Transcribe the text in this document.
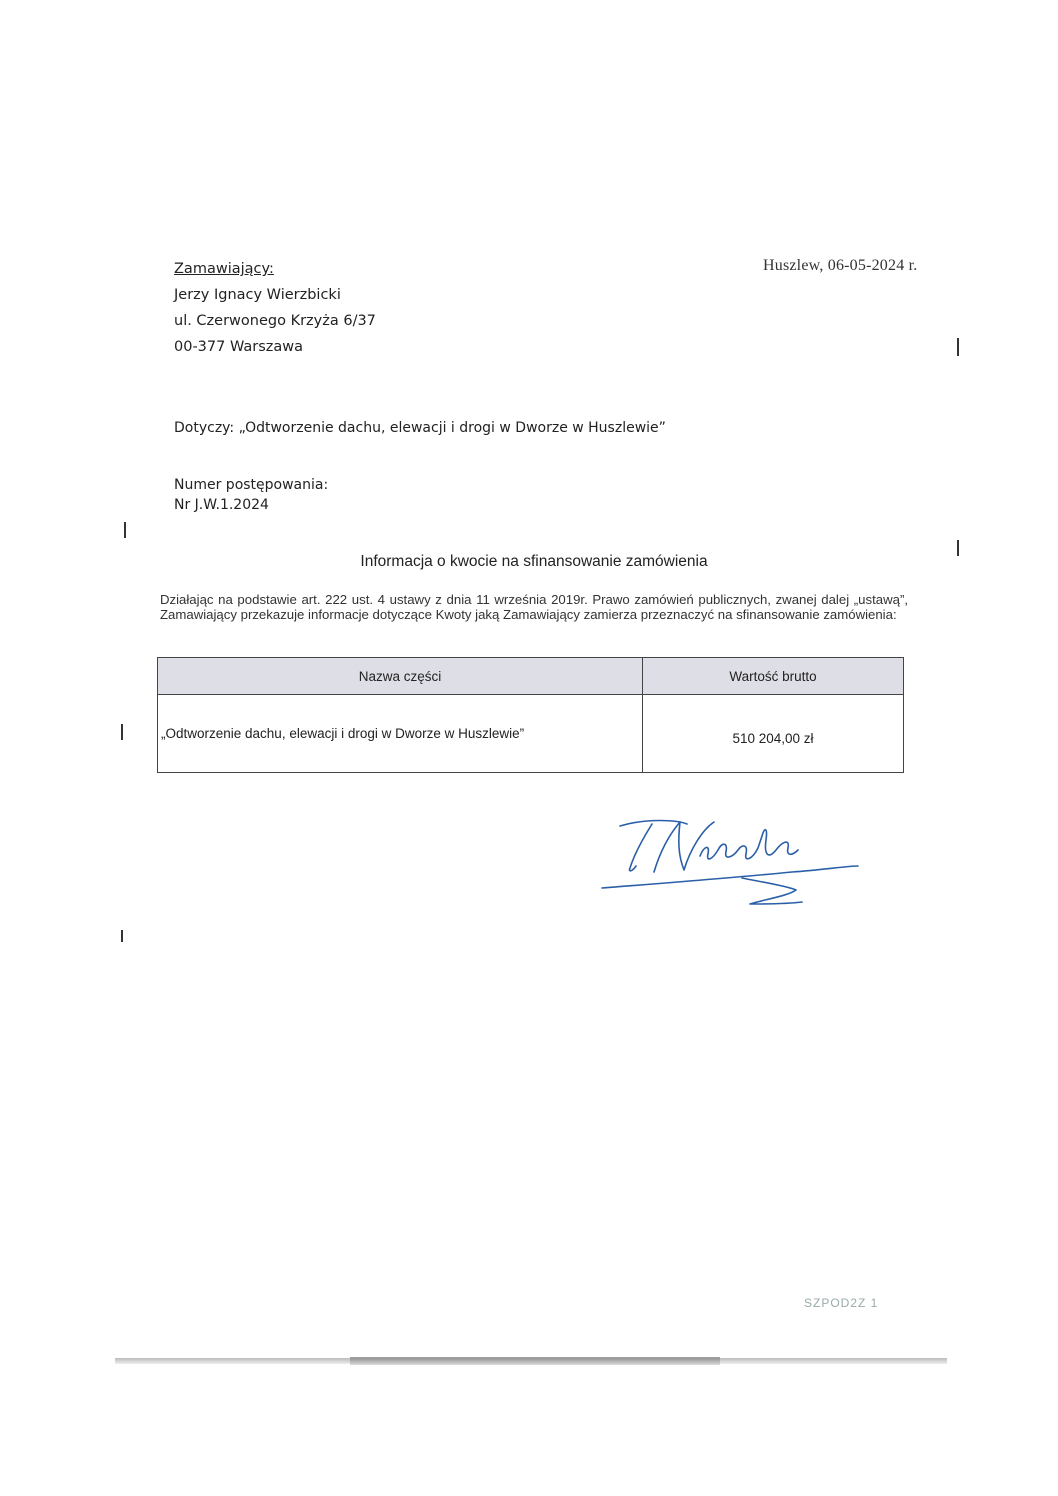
Zamawiający:
Jerzy Ignacy Wierzbicki
ul. Czerwonego Krzyża 6/37
00-377 Warszawa
Huszlew, 06-05-2024 r.
Dotyczy: „Odtworzenie dachu, elewacji i drogi w Dworze w Huszlewie”
Numer postępowania:
Nr J.W.1.2024
Informacja o kwocie na sfinansowanie zamówienia
Działając na podstawie art. 222 ust. 4 ustawy z dnia 11 września 2019r. Prawo zamówień publicznych, zwanej dalej „ustawą”, Zamawiający przekazuje informacje dotyczące Kwoty jaką Zamawiający zamierza przeznaczyć na sfinansowanie zamówienia:
Nazwa części	Wartość brutto
„Odtworzenie dachu, elewacji i drogi w Dworze w Huszlewie”	510 204,00 zł
SZPOD2Z 1
